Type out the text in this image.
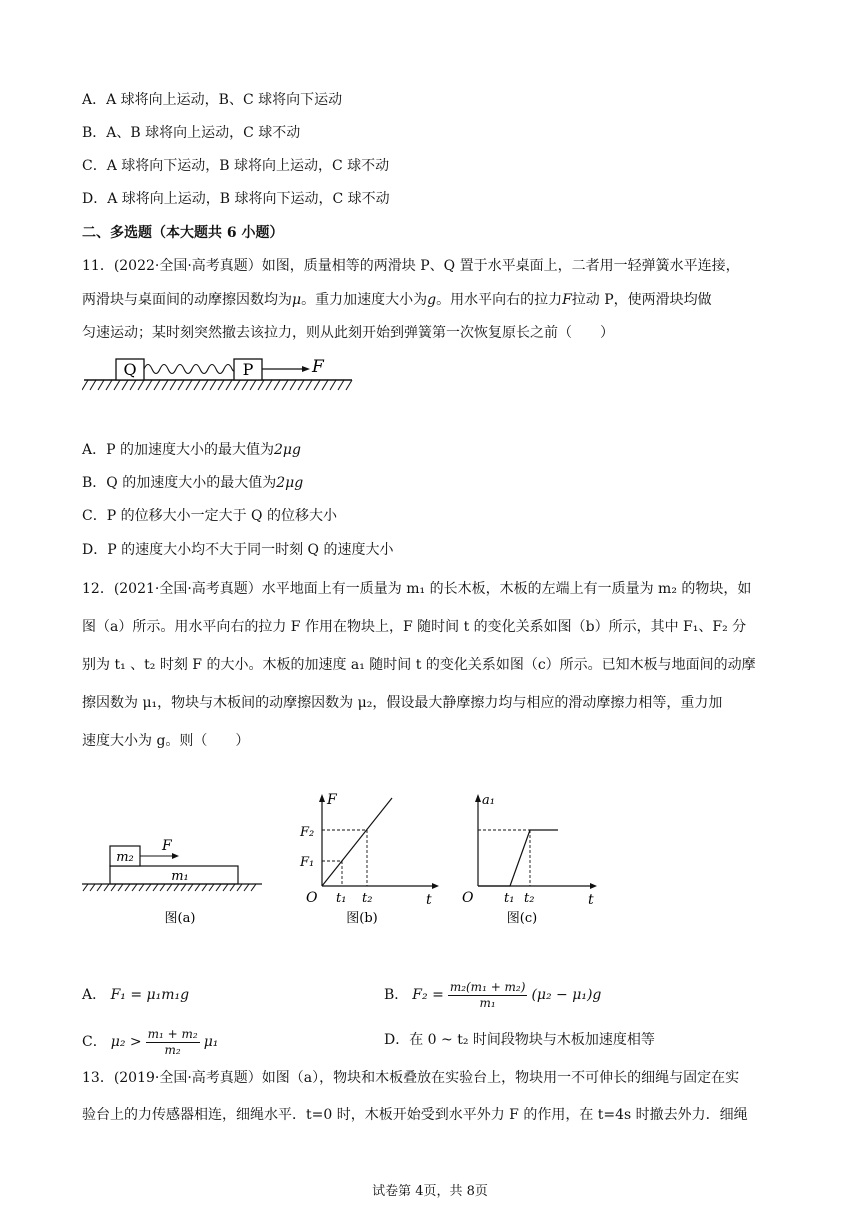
A．A 球将向上运动，B、C 球将向下运动
B．A、B 球将向上运动，C 球不动
C．A 球将向下运动，B 球将向上运动，C 球不动
D．A 球将向上运动，B 球将向下运动，C 球不动
二、多选题（本大题共 6 小题）
11．(2022·全国·高考真题）如图，质量相等的两滑块 P、Q 置于水平桌面上，二者用一轻弹簧水平连接，
两滑块与桌面间的动摩擦因数均为μ。重力加速度大小为g。用水平向右的拉力F拉动 P，使两滑块均做
匀速运动；某时刻突然撤去该拉力，则从此刻开始到弹簧第一次恢复原长之前（　　）
Q	P	F
A．P 的加速度大小的最大值为2μg
B．Q 的加速度大小的最大值为2μg
C．P 的位移大小一定大于 Q 的位移大小
D．P 的速度大小均不大于同一时刻 Q 的速度大小
12．(2021·全国·高考真题）水平地面上有一质量为 m₁ 的长木板，木板的左端上有一质量为 m₂ 的物块，如
图（a）所示。用水平向右的拉力 F 作用在物块上，F 随时间 t 的变化关系如图（b）所示，其中 F₁、F₂ 分
别为 t₁ 、t₂ 时刻 F 的大小。木板的加速度 a₁ 随时间 t 的变化关系如图（c）所示。已知木板与地面间的动摩
擦因数为 μ₁，物块与木板间的动摩擦因数为 μ₂，假设最大静摩擦力均与相应的滑动摩擦力相等，重力加
速度大小为 g。则（　　）
m₂
m₁
F
图(a)
F
t
O
F₂
F₁
t₁ t₂
图(b)
a₁
t
O t₁ t₂
图(c)
A． F₁ = μ₁m₁g	B． $F_2 = \frac{\text{m₂(m₁ + m₂)}}{\text{m₁}} (\mu_2 - \mu_1)g$
C． $\mu_2 > \frac{\text{m₁ + m₂}}{\text{m₂}} \mu_1$	D．在 0 ~ t₂ 时间段物块与木板加速度相等
13．(2019·全国·高考真题）如图（a），物块和木板叠放在实验台上，物块用一不可伸长的细绳与固定在实
验台上的力传感器相连，细绳水平．t=0 时，木板开始受到水平外力 F 的作用，在 t=4s 时撤去外力．细绳
试卷第 4页，共 8页
